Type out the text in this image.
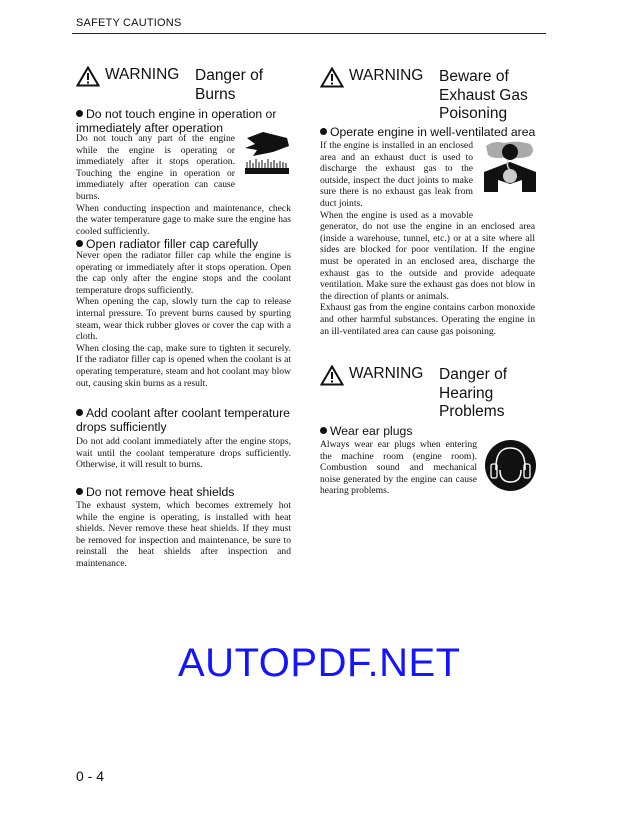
SAFETY CAUTIONS
WARNING Danger of Burns
Do not touch engine in operation or immediately after operation

Do not touch any part of the engine while the engine is operating or immediately after it stops operation. Touching the engine in operation or immediately after operation can cause burns.

When conducting inspection and maintenance, check the water temperature gage to make sure the engine has cooled sufficiently.

Open radiator filler cap carefully

Never open the radiator filler cap while the engine is operating or immediately after it stops operation. Open the cap only after the engine stops and the coolant temperature drops sufficiently.

When opening the cap, slowly turn the cap to release internal pressure. To prevent burns caused by spurting steam, wear thick rubber gloves or cover the cap with a cloth.

When closing the cap, make sure to tighten it securely. If the radiator filler cap is opened when the coolant is at operating temperature, steam and hot coolant may blow out, causing skin burns as a result.

Add coolant after coolant temperature drops sufficiently

Do not add coolant immediately after the engine stops, wait until the coolant temperature drops sufficiently. Otherwise, it will result to burns.

Do not remove heat shields

The exhaust system, which becomes extremely hot while the engine is operating, is installed with heat shields. Never remove these heat shields. If they must be removed for inspection and maintenance, be sure to reinstall the heat shields after inspection and maintenance.

WARNING Beware of Exhaust Gas Poisoning
Operate engine in well-ventilated area

If the engine is installed in an enclosed area and an exhaust duct is used to discharge the exhaust gas to the outside, inspect the duct joints to make sure there is no exhaust gas leak from duct joints.

When the engine is used as a movable generator, do not use the engine in an enclosed area (inside a warehouse, tunnel, etc.) or at a site where all sides are blocked for poor ventilation. If the engine must be operated in an enclosed area, discharge the exhaust gas to the outside and provide adequate ventilation. Make sure the exhaust gas does not blow in the direction of plants or animals.

Exhaust gas from the engine contains carbon monoxide and other harmful substances. Operating the engine in an ill-ventilated area can cause gas poisoning.

WARNING Danger of Hearing Problems
Wear ear plugs

Always wear ear plugs when entering the machine room (engine room). Combustion sound and mechanical noise generated by the engine can cause hearing problems.

AUTOPDF.NET
0 - 4
